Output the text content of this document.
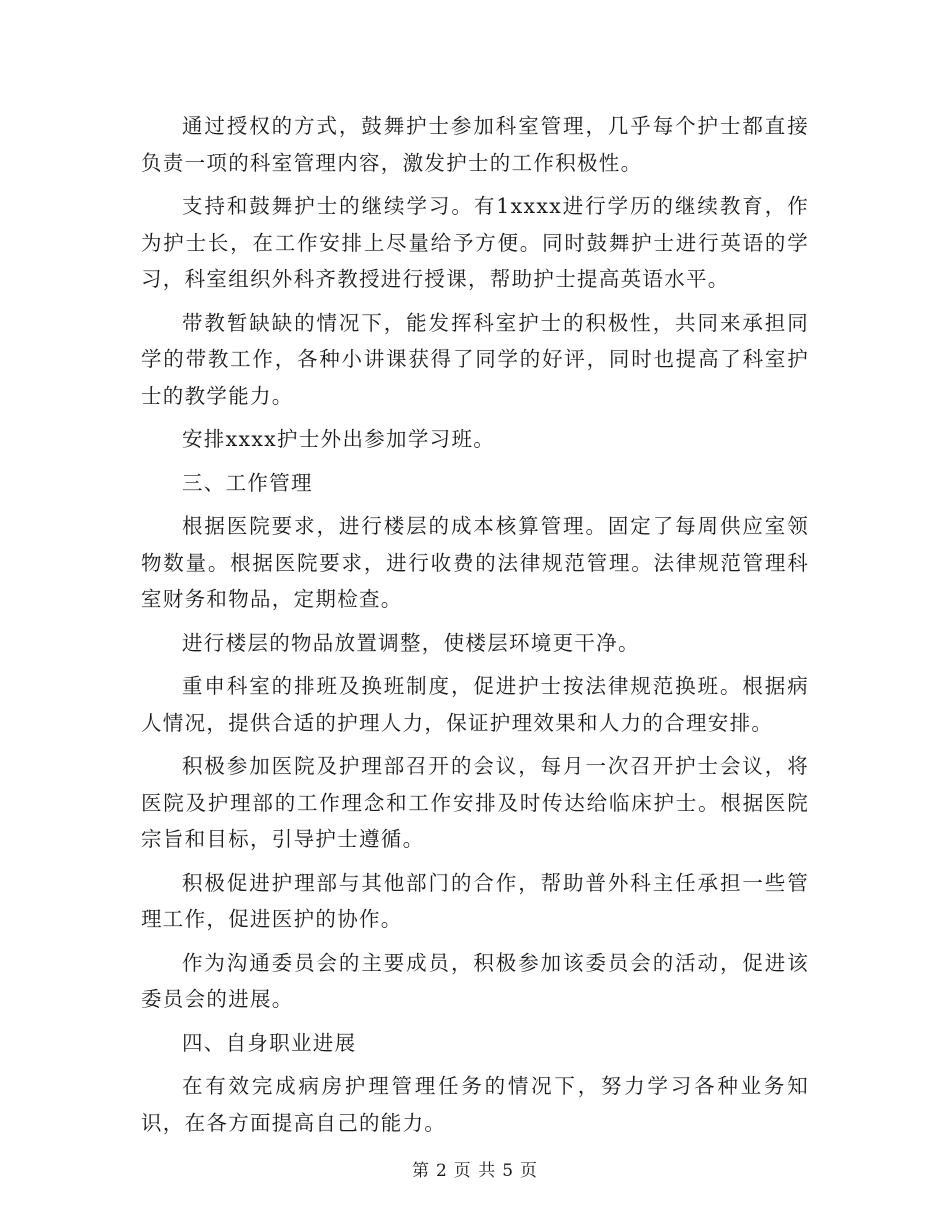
通过授权的方式，鼓舞护士参加科室管理，几乎每个护士都直接负责一项的科室管理内容，激发护士的工作积极性。

支持和鼓舞护士的继续学习。有1xxxx进行学历的继续教育，作为护士长，在工作安排上尽量给予方便。同时鼓舞护士进行英语的学习，科室组织外科齐教授进行授课，帮助护士提高英语水平。

带教暂缺缺的情况下，能发挥科室护士的积极性，共同来承担同学的带教工作，各种小讲课获得了同学的好评，同时也提高了科室护士的教学能力。

安排xxxx护士外出参加学习班。

三、工作管理

根据医院要求，进行楼层的成本核算管理。固定了每周供应室领物数量。根据医院要求，进行收费的法律规范管理。法律规范管理科室财务和物品，定期检查。

进行楼层的物品放置调整，使楼层环境更干净。

重申科室的排班及换班制度，促进护士按法律规范换班。根据病人情况，提供合适的护理人力，保证护理效果和人力的合理安排。

积极参加医院及护理部召开的会议，每月一次召开护士会议，将医院及护理部的工作理念和工作安排及时传达给临床护士。根据医院宗旨和目标，引导护士遵循。

积极促进护理部与其他部门的合作，帮助普外科主任承担一些管理工作，促进医护的协作。

作为沟通委员会的主要成员，积极参加该委员会的活动，促进该委员会的进展。

四、自身职业进展

在有效完成病房护理管理任务的情况下，努力学习各种业务知识，在各方面提高自己的能力。

第 2 页 共 5 页
